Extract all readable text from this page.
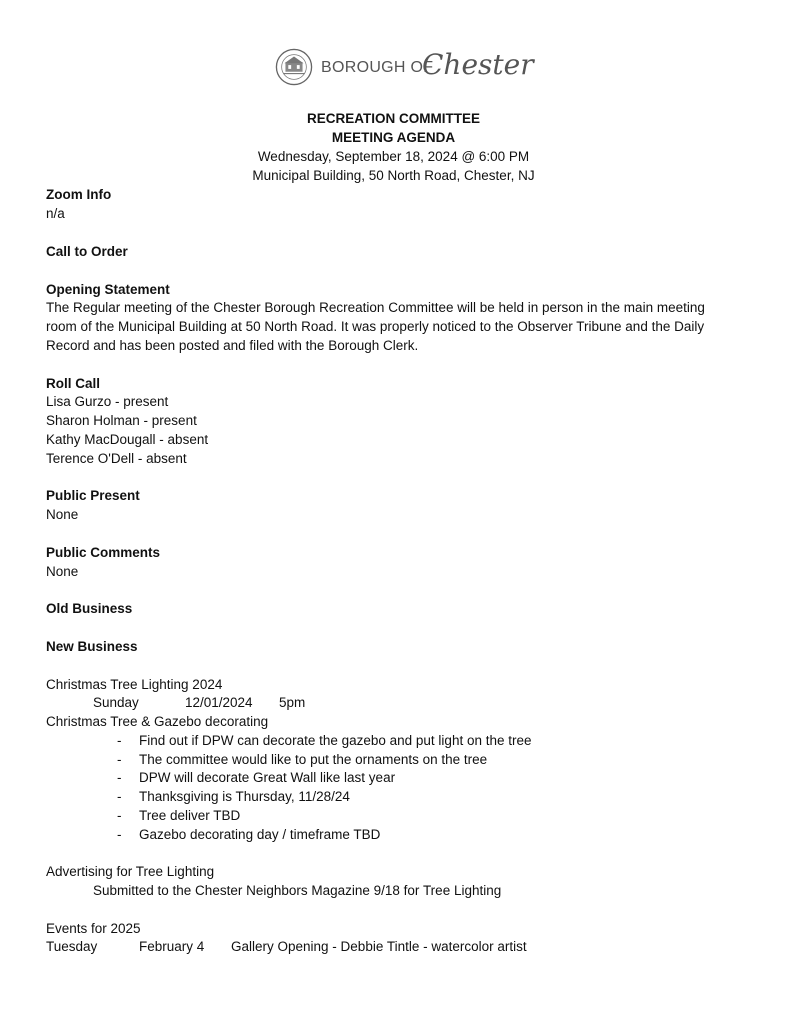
BOROUGH OF
Chester
RECREATION COMMITTEE
MEETING AGENDA
Wednesday, September 18, 2024 @ 6:00 PM
Municipal Building, 50 North Road, Chester, NJ
Zoom Info
n/a
Call to Order
Opening Statement
The Regular meeting of the Chester Borough Recreation Committee will be held in person in the main meeting
room of the Municipal Building at 50 North Road. It was properly noticed to the Observer Tribune and the Daily
Record and has been posted and filed with the Borough Clerk.
Roll Call
Lisa Gurzo - present
Sharon Holman - present
Kathy MacDougall - absent
Terence O'Dell - absent
Public Present
None
Public Comments
None
Old Business
New Business
Christmas Tree Lighting 2024
Sunday	12/01/2024 5pm
Christmas Tree & Gazebo decorating
- Find out if DPW can decorate the gazebo and put light on the tree
- The committee would like to put the ornaments on the tree
- DPW will decorate Great Wall like last year
- Thanksgiving is Thursday, 11/28/24
- Tree deliver TBD
- Gazebo decorating day / timeframe TBD
Advertising for Tree Lighting
Submitted to the Chester Neighbors Magazine 9/18 for Tree Lighting
Events for 2025
Tuesday	February 4 Gallery Opening - Debbie Tintle - watercolor artist
